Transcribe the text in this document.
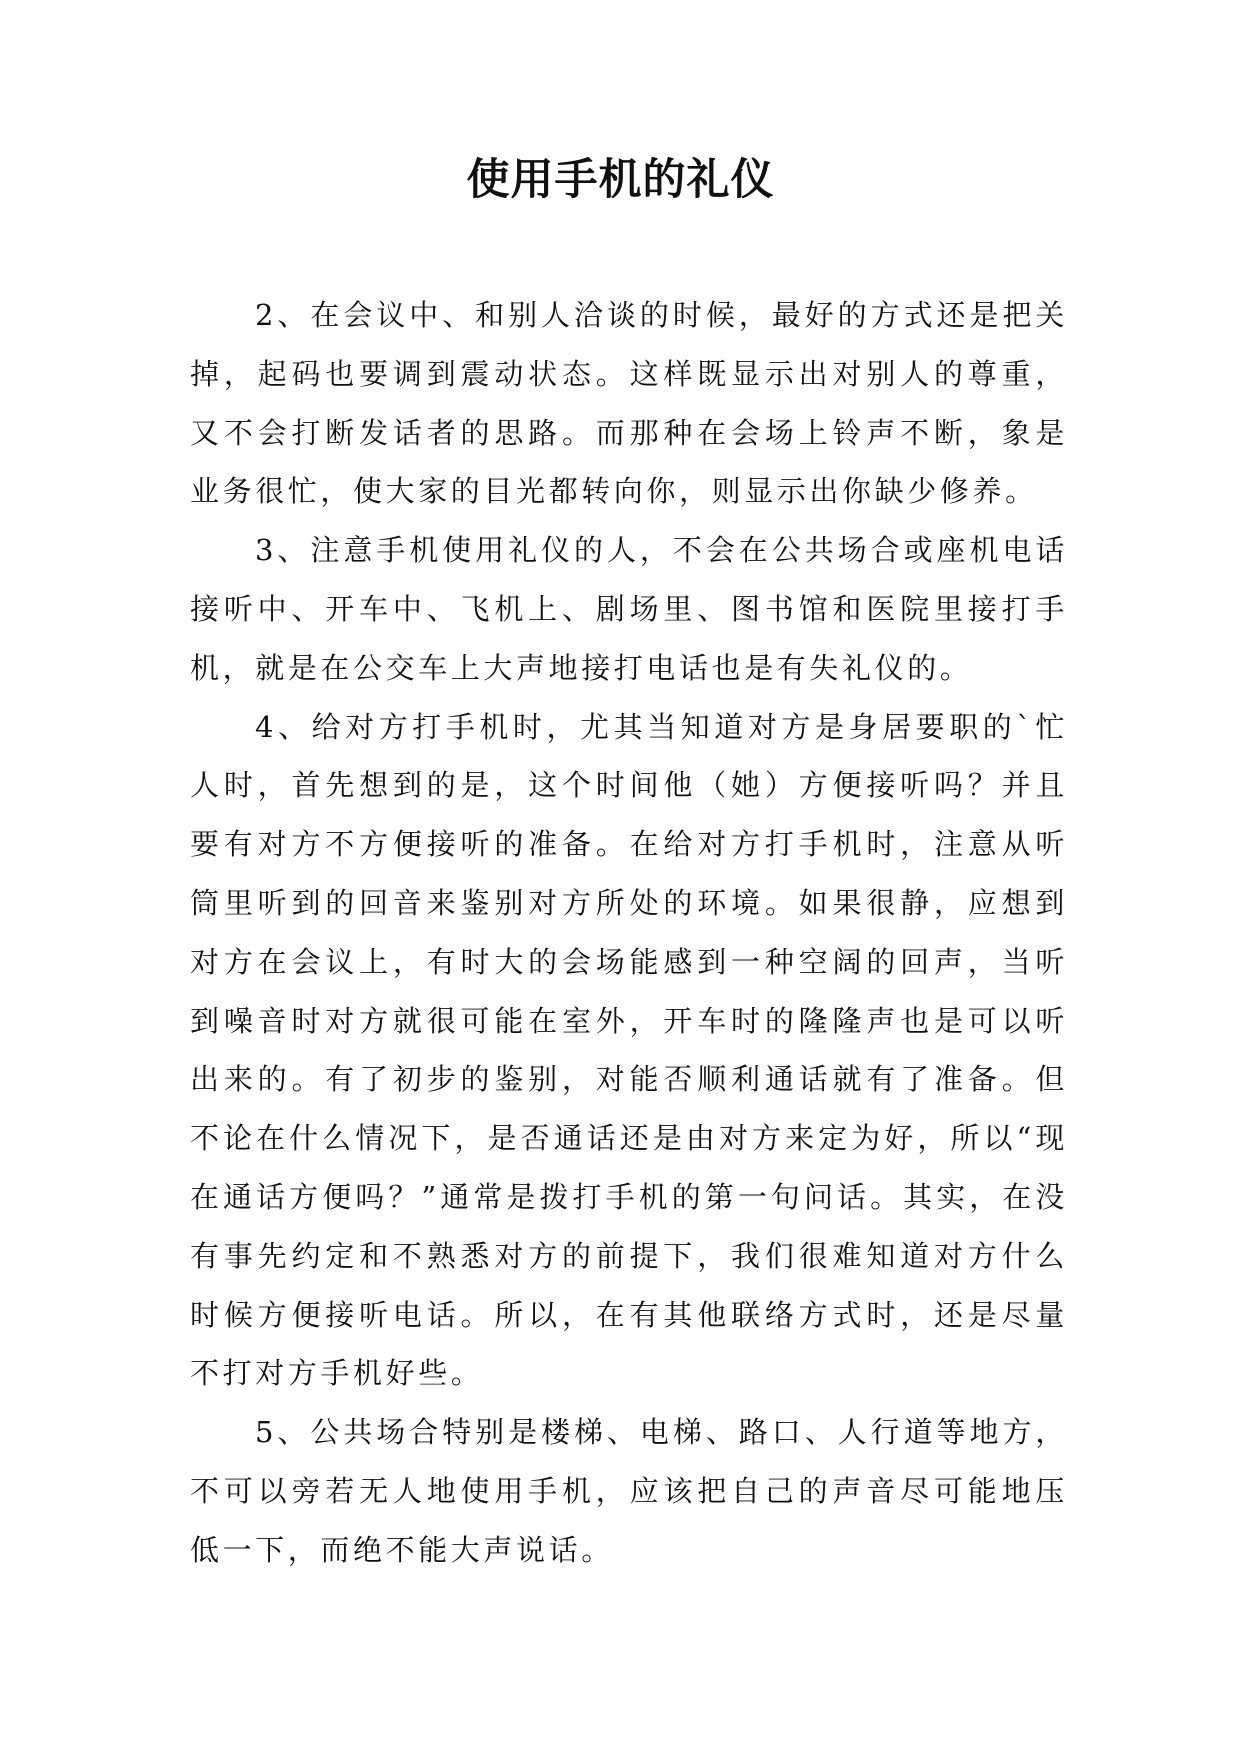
使用手机的礼仪

2、在会议中、和别人洽谈的时候，最好的方式还是把关掉，起码也要调到震动状态。这样既显示出对别人的尊重，又不会打断发话者的思路。而那种在会场上铃声不断，象是业务很忙，使大家的目光都转向你，则显示出你缺少修养。

3、注意手机使用礼仪的人，不会在公共场合或座机电话接听中、开车中、飞机上、剧场里、图书馆和医院里接打手机，就是在公交车上大声地接打电话也是有失礼仪的。

4、给对方打手机时，尤其当知道对方是身居要职的`忙人时，首先想到的是，这个时间他（她）方便接听吗？并且要有对方不方便接听的准备。在给对方打手机时，注意从听筒里听到的回音来鉴别对方所处的环境。如果很静，应想到对方在会议上，有时大的会场能感到一种空阔的回声，当听到噪音时对方就很可能在室外，开车时的隆隆声也是可以听出来的。有了初步的鉴别，对能否顺利通话就有了准备。但不论在什么情况下，是否通话还是由对方来定为好，所以“现在通话方便吗？”通常是拨打手机的第一句问话。其实，在没有事先约定和不熟悉对方的前提下，我们很难知道对方什么时候方便接听电话。所以，在有其他联络方式时，还是尽量不打对方手机好些。

5、公共场合特别是楼梯、电梯、路口、人行道等地方，不可以旁若无人地使用手机，应该把自己的声音尽可能地压低一下，而绝不能大声说话。
